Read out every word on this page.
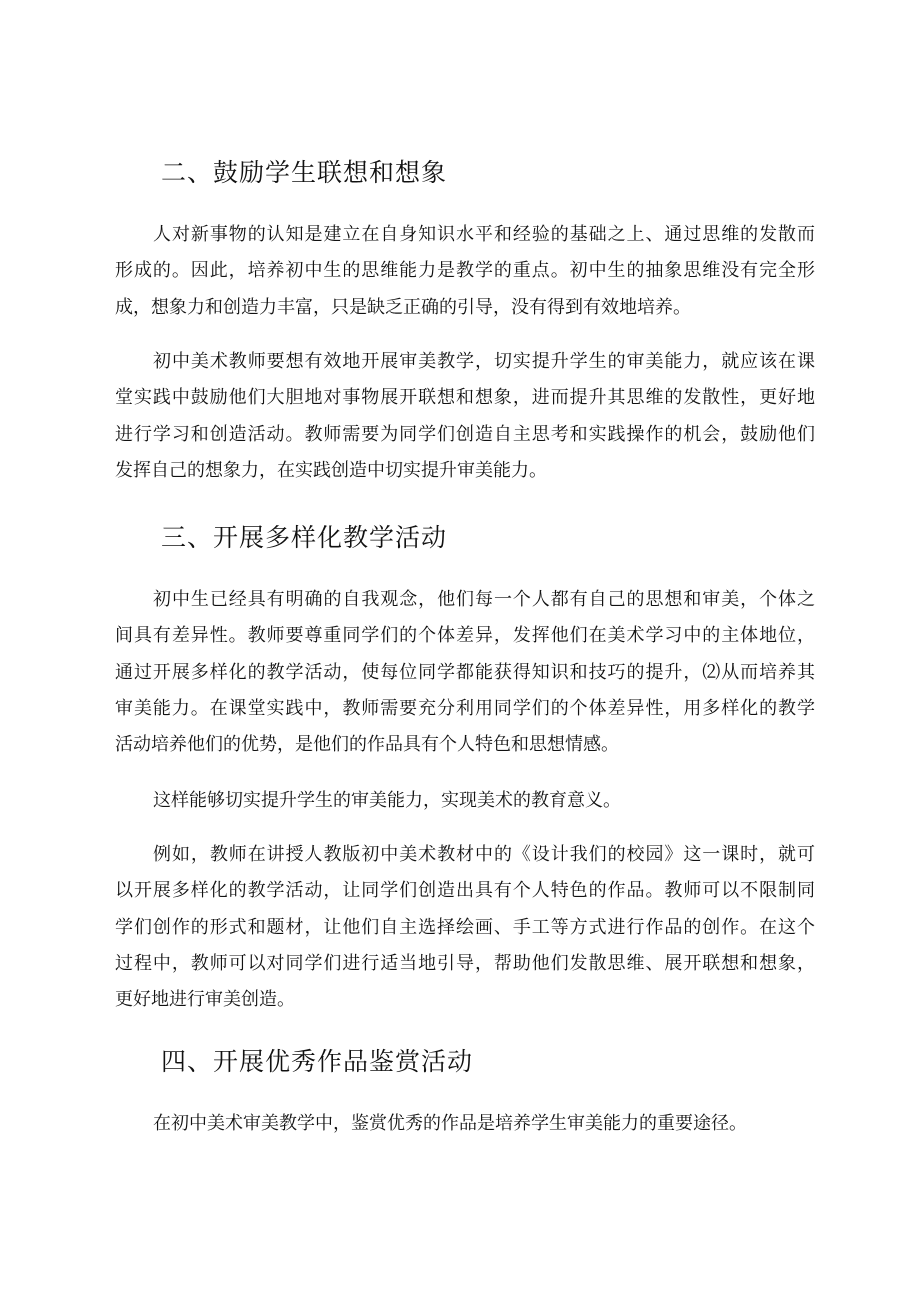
二、鼓励学生联想和想象
人对新事物的认知是建立在自身知识水平和经验的基础之上、通过思维的发散而
形成的。因此，培养初中生的思维能力是教学的重点。初中生的抽象思维没有完全形
成，想象力和创造力丰富，只是缺乏正确的引导，没有得到有效地培养。
初中美术教师要想有效地开展审美教学，切实提升学生的审美能力，就应该在课
堂实践中鼓励他们大胆地对事物展开联想和想象，进而提升其思维的发散性，更好地
进行学习和创造活动。教师需要为同学们创造自主思考和实践操作的机会，鼓励他们
发挥自己的想象力，在实践创造中切实提升审美能力。
三、开展多样化教学活动
初中生已经具有明确的自我观念，他们每一个人都有自己的思想和审美，个体之
间具有差异性。教师要尊重同学们的个体差异，发挥他们在美术学习中的主体地位，
通过开展多样化的教学活动，使每位同学都能获得知识和技巧的提升，⑵从而培养其
审美能力。在课堂实践中，教师需要充分利用同学们的个体差异性，用多样化的教学
活动培养他们的优势，是他们的作品具有个人特色和思想情感。
这样能够切实提升学生的审美能力，实现美术的教育意义。
例如，教师在讲授人教版初中美术教材中的《设计我们的校园》这一课时，就可
以开展多样化的教学活动，让同学们创造出具有个人特色的作品。教师可以不限制同
学们创作的形式和题材，让他们自主选择绘画、手工等方式进行作品的创作。在这个
过程中，教师可以对同学们进行适当地引导，帮助他们发散思维、展开联想和想象，
更好地进行审美创造。
四、开展优秀作品鉴赏活动
在初中美术审美教学中，鉴赏优秀的作品是培养学生审美能力的重要途径。
